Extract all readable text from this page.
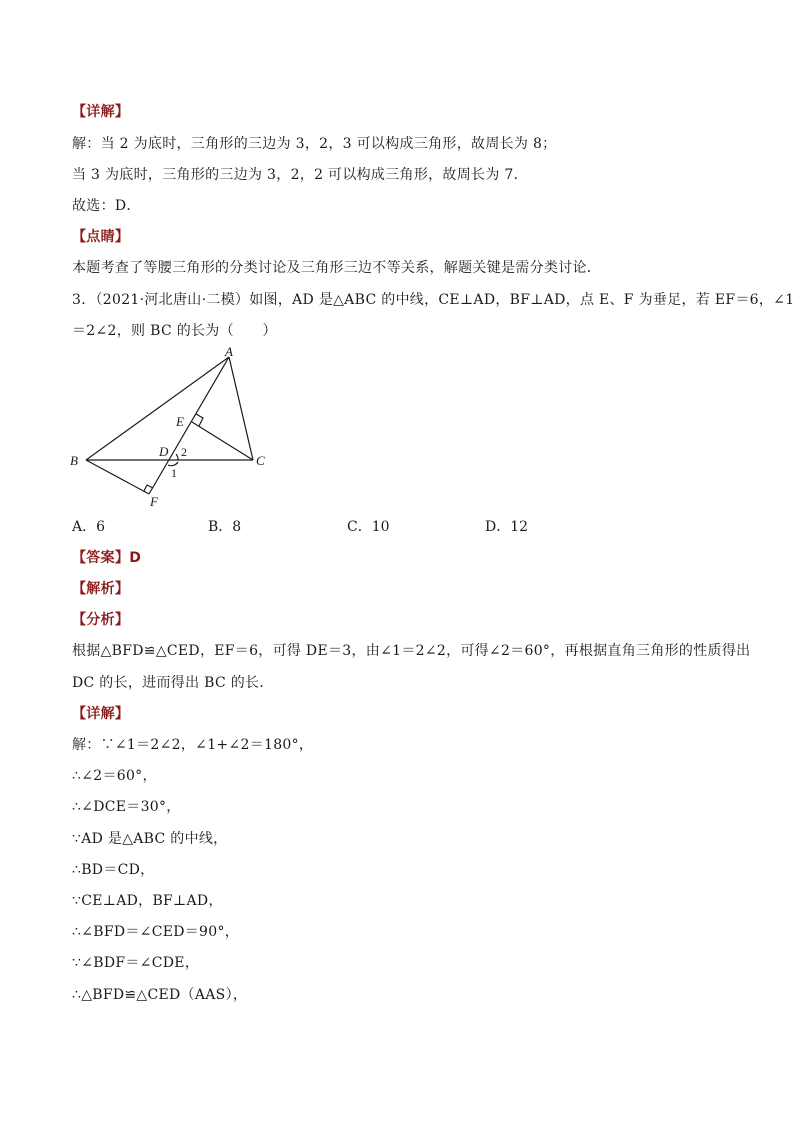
【详解】
解：当 2 为底时，三角形的三边为 3，2，3 可以构成三角形，故周长为 8；
当 3 为底时，三角形的三边为 3，2，2 可以构成三角形，故周长为 7．
故选：D．
【点睛】
本题考查了等腰三角形的分类讨论及三角形三边不等关系，解题关键是需分类讨论．
3．（2021·河北唐山·二模）如图，AD 是△ABC 的中线，CE⊥AD，BF⊥AD，点 E、F 为垂足，若 EF＝6，∠1
＝2∠2，则 BC 的长为（　　）
A
B	C
D
E
F
1
2
A．6	B．8	C．10	D．12
【答案】D
【解析】
【分析】
根据△BFD≌△CED，EF＝6，可得 DE＝3，由∠1＝2∠2，可得∠2＝60°，再根据直角三角形的性质得出
DC 的长，进而得出 BC 的长．
【详解】
解：∵∠1＝2∠2，∠1+∠2＝180°，
∴∠2＝60°，
∴∠DCE＝30°，
∵AD 是△ABC 的中线，
∴BD＝CD，
∵CE⊥AD，BF⊥AD，
∴∠BFD＝∠CED＝90°，
∵∠BDF＝∠CDE，
∴△BFD≌△CED（AAS），
